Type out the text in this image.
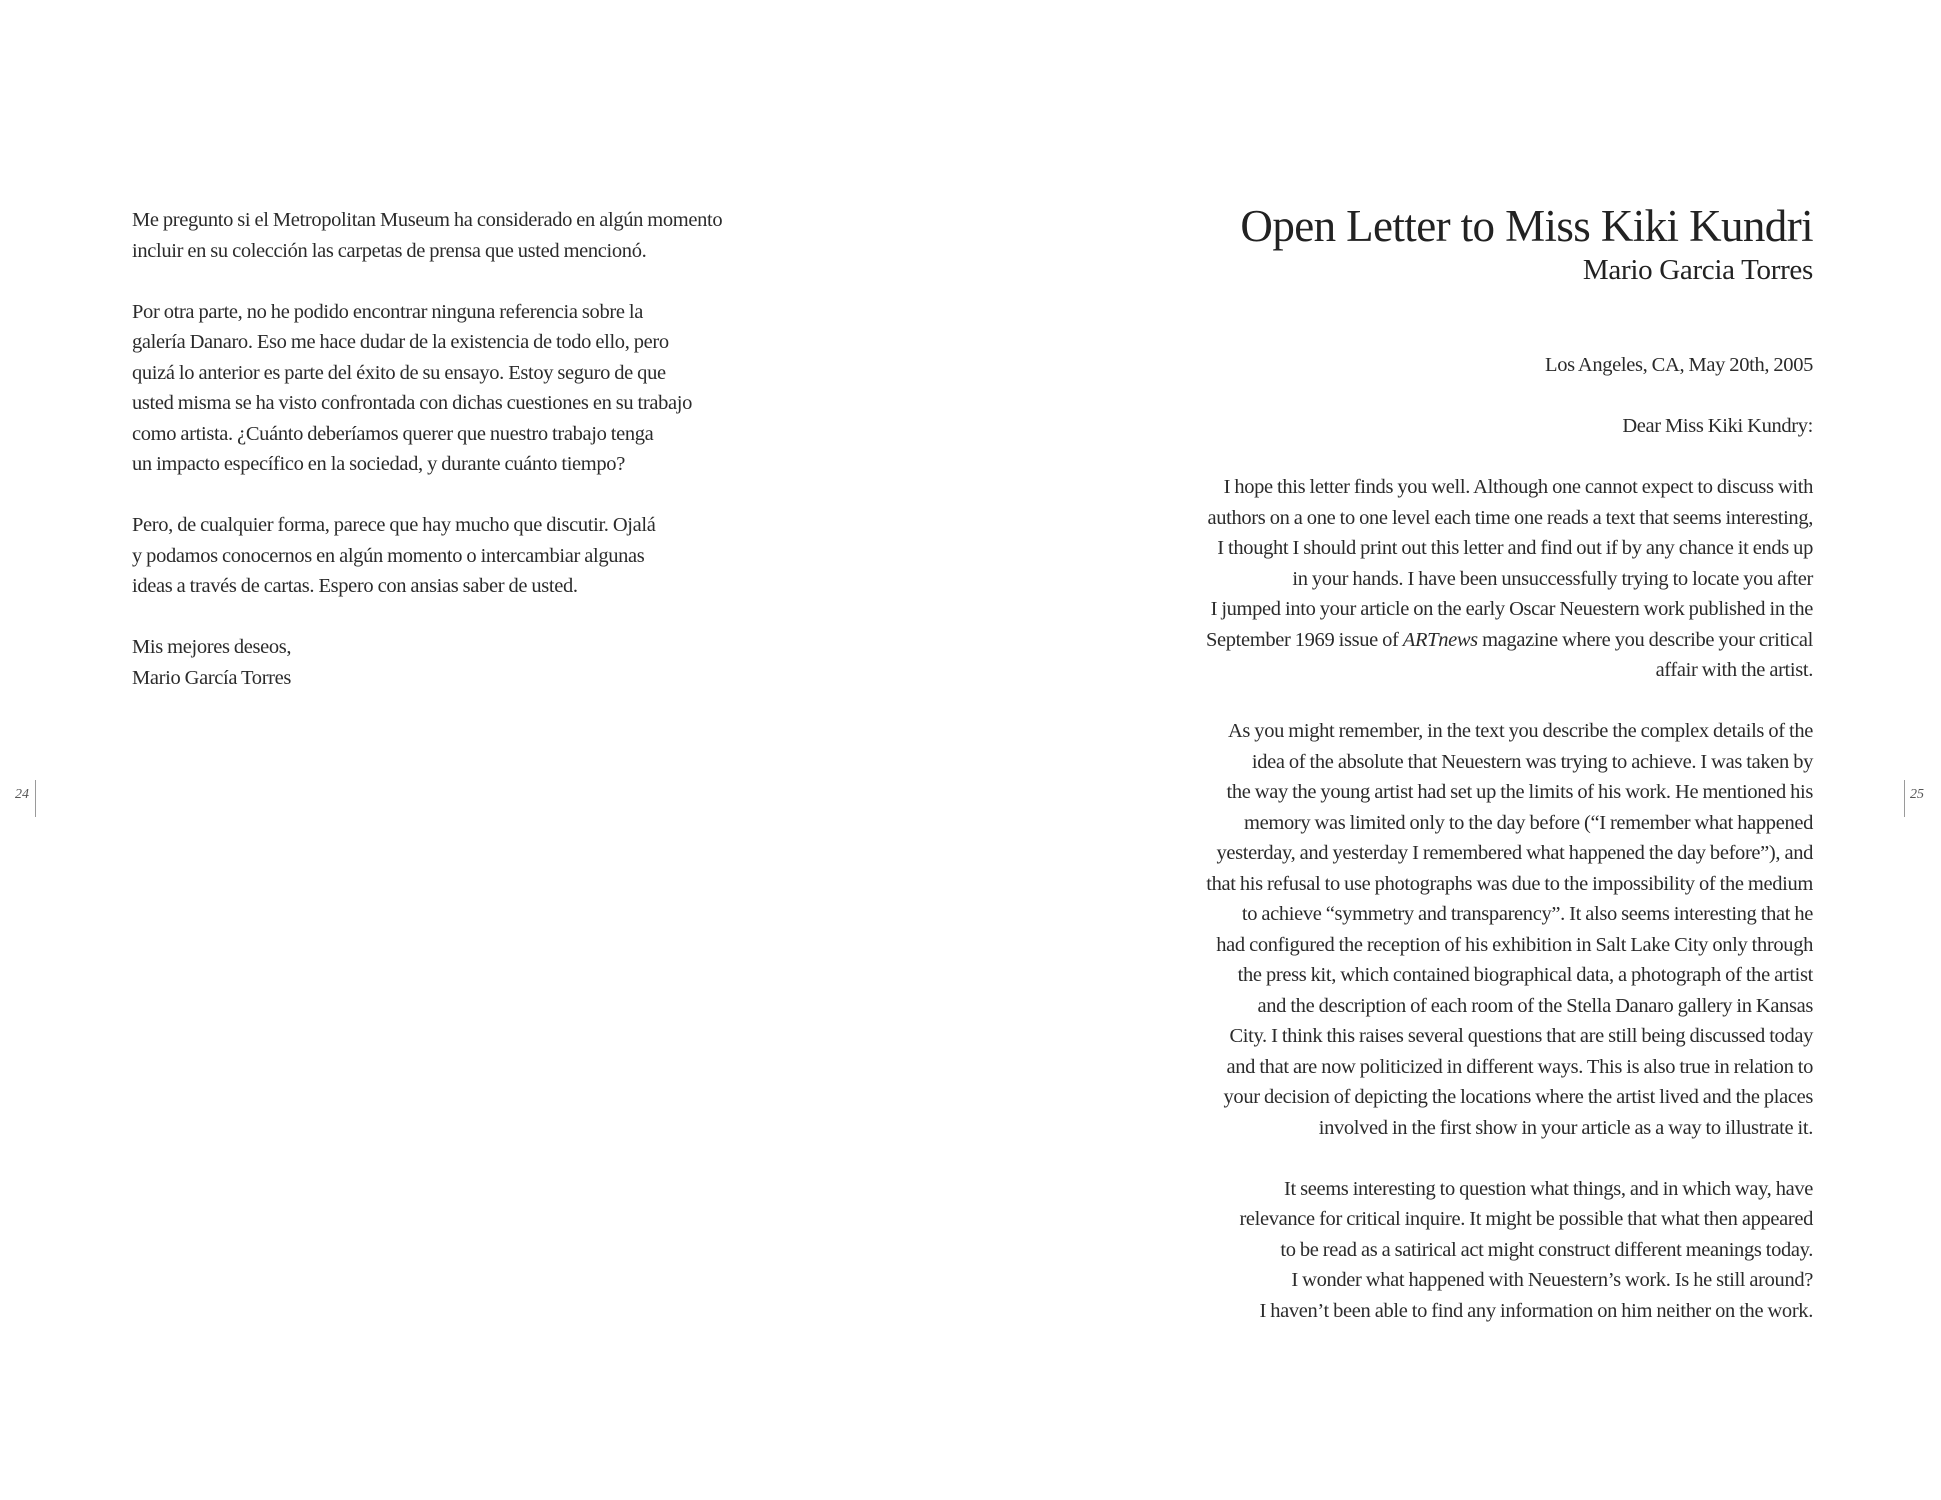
Me pregunto si el Metropolitan Museum ha considerado en algún momento
incluir en su colección las carpetas de prensa que usted mencionó.

Por otra parte, no he podido encontrar ninguna referencia sobre la
galería Danaro. Eso me hace dudar de la existencia de todo ello, pero
quizá lo anterior es parte del éxito de su ensayo. Estoy seguro de que
usted misma se ha visto confrontada con dichas cuestiones en su trabajo
como artista. ¿Cuánto deberíamos querer que nuestro trabajo tenga
un impacto específico en la sociedad, y durante cuánto tiempo?

Pero, de cualquier forma, parece que hay mucho que discutir. Ojalá
y podamos conocernos en algún momento o intercambiar algunas
ideas a través de cartas. Espero con ansias saber de usted.

Mis mejores deseos,
Mario García Torres

24
Open Letter to Miss Kiki Kundri
Mario Garcia Torres

Los Angeles, CA, May 20th, 2005

Dear Miss Kiki Kundry:

I hope this letter finds you well. Although one cannot expect to discuss with
authors on a one to one level each time one reads a text that seems interesting,
I thought I should print out this letter and find out if by any chance it ends up
in your hands. I have been unsuccessfully trying to locate you after
I jumped into your article on the early Oscar Neuestern work published in the
September 1969 issue of ARTnews magazine where you describe your critical
affair with the artist.

As you might remember, in the text you describe the complex details of the
idea of the absolute that Neuestern was trying to achieve. I was taken by
the way the young artist had set up the limits of his work. He mentioned his
memory was limited only to the day before (“I remember what happened
yesterday, and yesterday I remembered what happened the day before”), and
that his refusal to use photographs was due to the impossibility of the medium
to achieve “symmetry and transparency”. It also seems interesting that he
had configured the reception of his exhibition in Salt Lake City only through
the press kit, which contained biographical data, a photograph of the artist
and the description of each room of the Stella Danaro gallery in Kansas
City. I think this raises several questions that are still being discussed today
and that are now politicized in different ways. This is also true in relation to
your decision of depicting the locations where the artist lived and the places
involved in the first show in your article as a way to illustrate it.

It seems interesting to question what things, and in which way, have
relevance for critical inquire. It might be possible that what then appeared
to be read as a satirical act might construct different meanings today.
I wonder what happened with Neuestern’s work. Is he still around?
I haven’t been able to find any information on him neither on the work.

25
